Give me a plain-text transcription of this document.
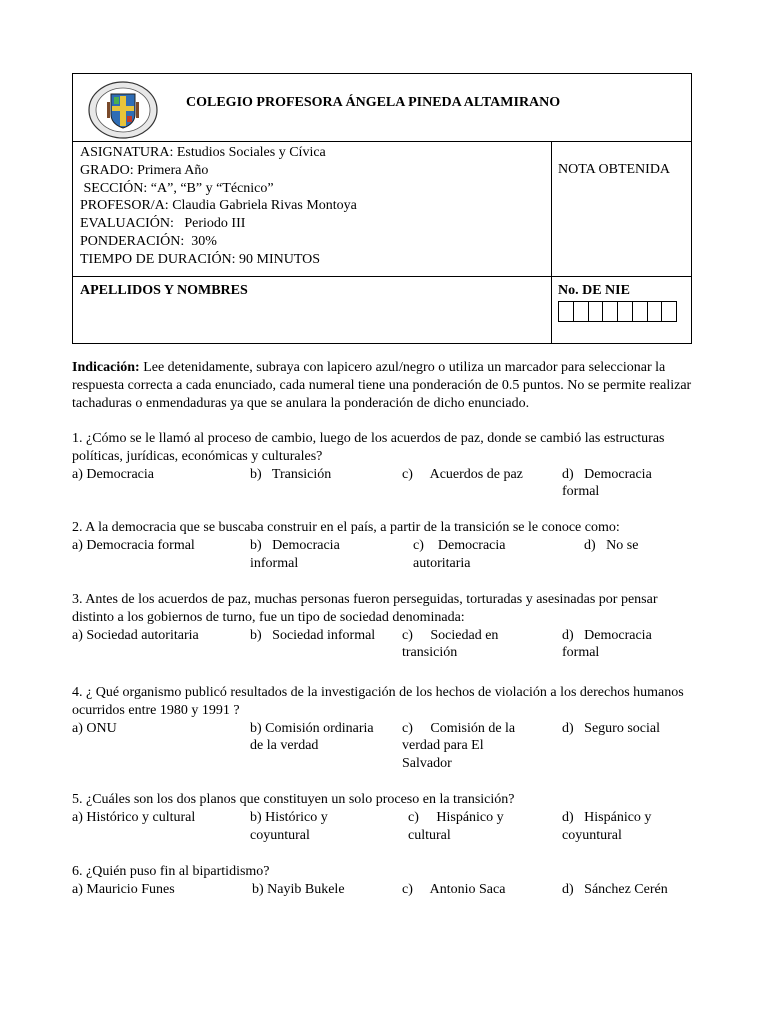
COLEGIO PROFESORA ÁNGELA PINEDA ALTAMIRANO
ASIGNATURA: Estudios Sociales y Cívica
GRADO: Primera Año
SECCIÓN: “A”, “B” y “Técnico”
PROFESOR/A: Claudia Gabriela Rivas Montoya
EVALUACIÓN:   Periodo III
PONDERACIÓN:  30%
TIEMPO DE DURACIÓN: 90 MINUTOS
NOTA OBTENIDA
APELLIDOS Y NOMBRES	No. DE NIE
Indicación: Lee detenidamente, subraya con lapicero azul/negro o utiliza un marcador para seleccionar la respuesta correcta a cada enunciado, cada numeral tiene una ponderación de 0.5 puntos. No se permite realizar tachaduras o enmendaduras ya que se anulara la ponderación de dicho enunciado.
1. ¿Cómo se le llamó al proceso de cambio, luego de los acuerdos de paz, donde se cambió las estructuras políticas, jurídicas, económicas y culturales?
a) Democracia	b)   Transición	c)     Acuerdos de paz	d)   Democracia
formal
2. A la democracia que se buscaba construir en el país, a partir de la transición se le conoce como:
a) Democracia formal	b)   Democracia
informal
c)    Democracia
autoritaria
d)   No se
3. Antes de los acuerdos de paz, muchas personas fueron perseguidas, torturadas y asesinadas por pensar distinto a los gobiernos de turno, fue un tipo de sociedad denominada:
a) Sociedad autoritaria	b)   Sociedad informal c)     Sociedad en
transición
d)   Democracia
formal
4. ¿ Qué organismo publicó resultados de la investigación de los hechos de violación a los derechos humanos ocurridos entre 1980 y 1991 ?
a) ONU	b) Comisión ordinaria
de la verdad
c)     Comisión de la
verdad para El
Salvador
d)   Seguro social
5. ¿Cuáles son los dos planos que constituyen un solo proceso en la transición?
a) Histórico y cultural	b) Histórico y
coyuntural
c)     Hispánico y
cultural
d)   Hispánico y
coyuntural
6. ¿Quién puso fin al bipartidismo?
a) Mauricio Funes	b) Nayib Bukele	c)     Antonio Saca	d)   Sánchez Cerén
